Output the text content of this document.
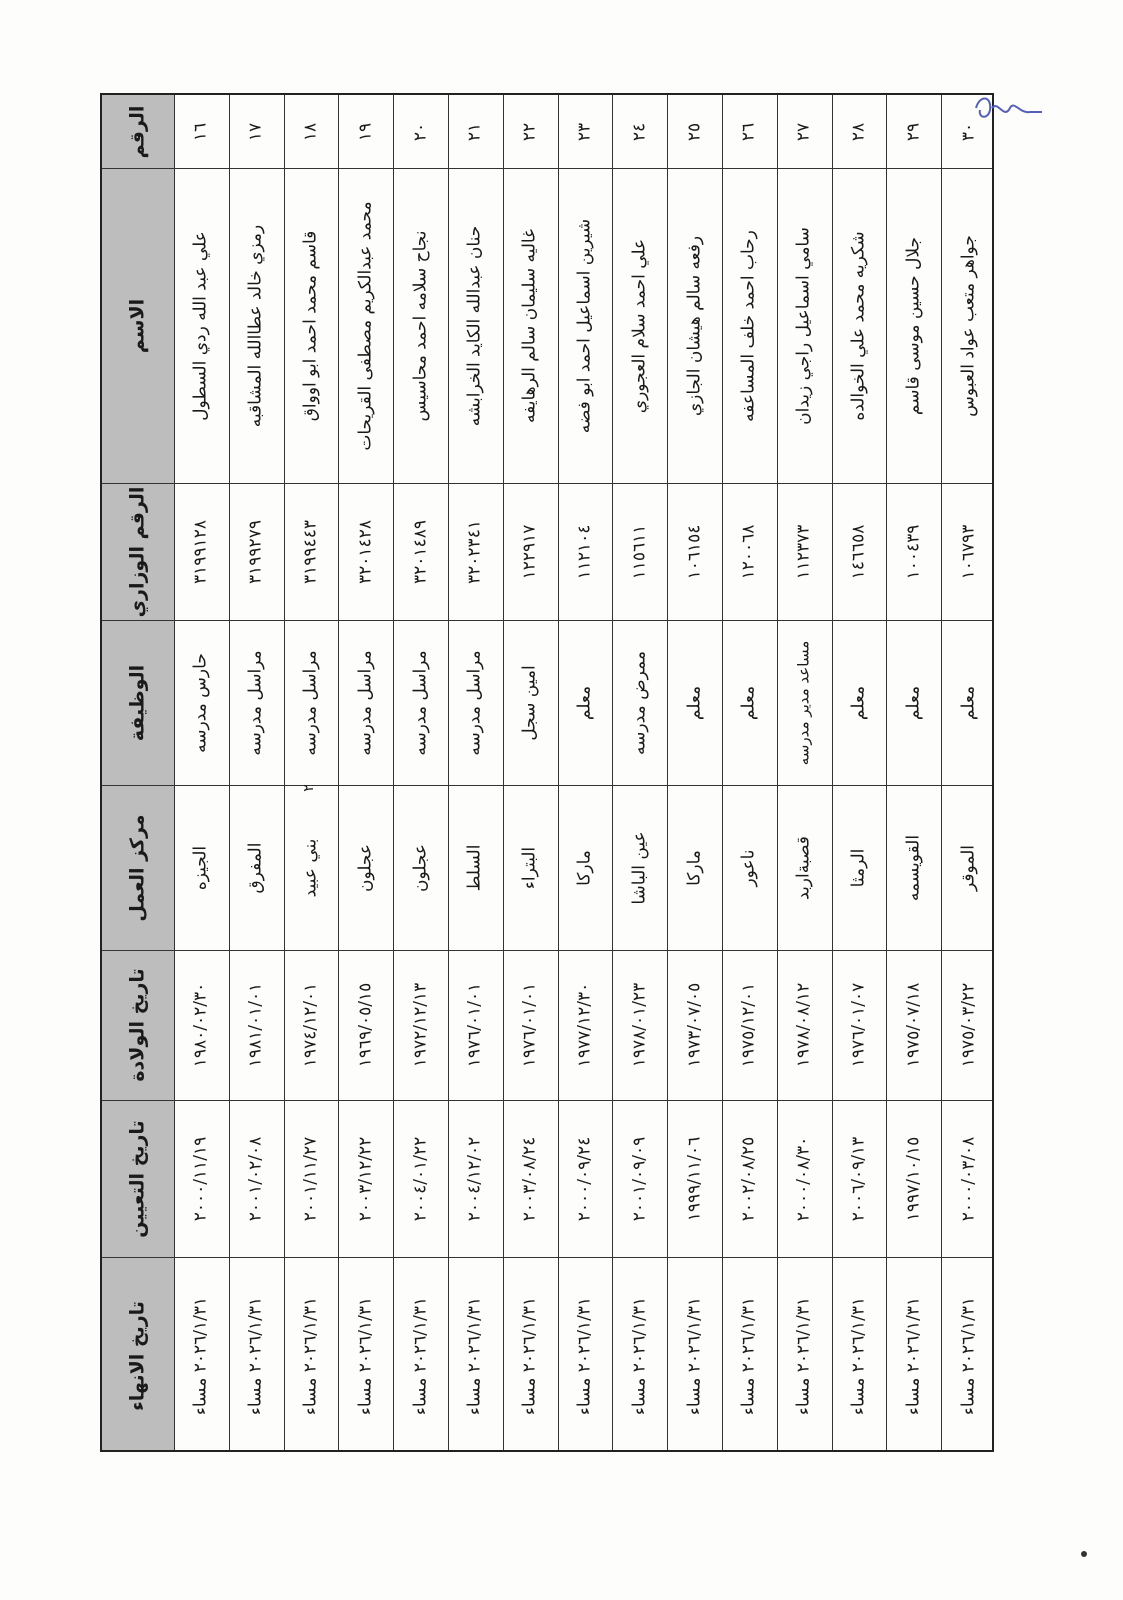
الرقم
الاسم
الرقم الوزاري
الوظيفة
مركز العمل
تاريخ الولادة
تاريخ التعيين
تاريخ الانهاء
١٦
علي عبد الله ردي السطول
٣١٩٩١٢٨
حارس مدرسه
الجيزه
١٩٨٠/٠٢/٣٠
٢٠٠٠/١١/١٩
٢٠٢٦/١/٣١ مساء
١٧
رمزي خالد عطاالله المشاقبه
٣١٩٩٢٧٩
مراسل مدرسه
المفرق
١٩٨١/٠١/٠١
٢٠٠١/٠٢/٠٨
٢٠٢٦/١/٣١ مساء
١٨
قاسم محمد احمد ابو اوواق
٣١٩٩٤٤٣
مراسل مدرسه
بني عبيد
١٩٧٤/١٢/٠١
٢٠٠١/١١/٢٧
٢٠٢٦/١/٣١ مساء
١٩
محمد عبدالكريم مصطفى القريحات
٣٢٠١٤٢٨
مراسل مدرسه
عجلون
١٩٦٩/٠٥/١٥
٢٠٠٣/١٢/٢٢
٢٠٢٦/١/٣١ مساء
٢٠
نجاح سلامه احمد محاسيس
٣٢٠١٤٨٩
مراسل مدرسه
عجلون
١٩٧٢/١٢/١٣
٢٠٠٤/٠١/٢٢
٢٠٢٦/١/٣١ مساء
٢١
حنان عبدالله الكايد الخرابشه
٣٢٠٢٣٤١
مراسل مدرسه
السلط
١٩٧٦/٠١/٠١
٢٠٠٤/١٢/٠٢
٢٠٢٦/١/٣١ مساء
٢٢
غاليه سليمان سالم الرهايفه
١٢٢٩١٧
امين سجل
البتراء
١٩٧٦/٠١/٠١
٢٠٠٣/٠٨/٢٤
٢٠٢٦/١/٣١ مساء
٢٣
شيرين اسماعيل احمد ابو فضه
١١٢١٠٤
معلم
ماركا
١٩٧٧/١٢/٣٠
٢٠٠٠/٠٩/٢٤
٢٠٢٦/١/٣١ مساء
٢٤
علي احمد سلام العجوري
١١٥٦١١
ممرض مدرسه
عين الباشا
١٩٧٨/٠١/٢٣
٢٠٠١/٠٩/٠٩
٢٠٢٦/١/٣١ مساء
٢٥
رفعه سالم هيشان الجازي
١٠٦١٥٤
معلم
ماركا
١٩٧٣/٠٧/٠٥
١٩٩٩/١١/٠٦
٢٠٢٦/١/٣١ مساء
٢٦
رحاب احمد خلف المساعفه
١٢٠٠٦٨
معلم
ناعور
١٩٧٥/١٢/٠١
٢٠٠٢/٠٨/٢٥
٢٠٢٦/١/٣١ مساء
٢٧
سامي اسماعيل راجي زيدان
١١٢٣٧٣
مساعد مدير مدرسه
قصبةاربد
١٩٧٨/٠٨/١٢
٢٠٠٠/٠٨/٣٠
٢٠٢٦/١/٣١ مساء
٢٨
شكريه محمد علي الخوالده
١٤٦٦٥٨
معلم
الرمثا
١٩٧٦/٠١/٠٧
٢٠٠٦/٠٩/١٣
٢٠٢٦/١/٣١ مساء
٢٩
جلال حسين موسى قاسم
١٠٠٤٣٩
معلم
القويسمه
١٩٧٥/٠٧/١٨
١٩٩٧/١٠/١٥
٢٠٢٦/١/٣١ مساء
٣٠
جواهر متعب عواد العبوس
١٠٦٧٩٣
معلم
الموقر
١٩٧٥/٠٣/٢٢
٢٠٠٠/٠٣/٠٨
٢٠٢٦/١/٣١ مساء
٢
